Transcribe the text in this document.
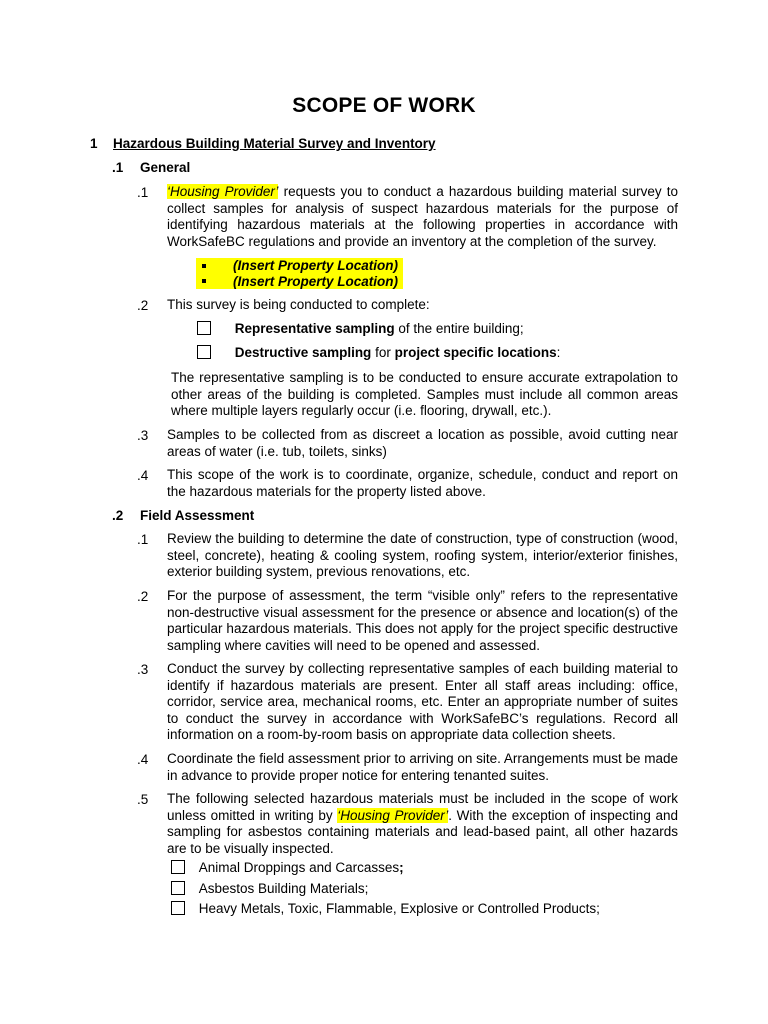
SCOPE OF WORK
1 Hazardous Building Material Survey and Inventory
.1 General
.1 ‘Housing Provider’ requests you to conduct a hazardous building material survey to collect samples for analysis of suspect hazardous materials for the purpose of identifying hazardous materials at the following properties in accordance with WorkSafeBC regulations and provide an inventory at the completion of the survey.
(Insert Property Location)
(Insert Property Location)
.2 This survey is being conducted to complete:
Representative sampling of the entire building;
Destructive sampling for project specific locations:
The representative sampling is to be conducted to ensure accurate extrapolation to other areas of the building is completed. Samples must include all common areas where multiple layers regularly occur (i.e. flooring, drywall, etc.).
.3 Samples to be collected from as discreet a location as possible, avoid cutting near areas of water (i.e. tub, toilets, sinks)
.4 This scope of the work is to coordinate, organize, schedule, conduct and report on the hazardous materials for the property listed above.
.2 Field Assessment
.1 Review the building to determine the date of construction, type of construction (wood, steel, concrete), heating & cooling system, roofing system, interior/exterior finishes, exterior building system, previous renovations, etc.
.2 For the purpose of assessment, the term “visible only” refers to the representative non-destructive visual assessment for the presence or absence and location(s) of the particular hazardous materials. This does not apply for the project specific destructive sampling where cavities will need to be opened and assessed.
.3 Conduct the survey by collecting representative samples of each building material to identify if hazardous materials are present. Enter all staff areas including: office, corridor, service area, mechanical rooms, etc. Enter an appropriate number of suites to conduct the survey in accordance with WorkSafeBC’s regulations. Record all information on a room-by-room basis on appropriate data collection sheets.
.4 Coordinate the field assessment prior to arriving on site. Arrangements must be made in advance to provide proper notice for entering tenanted suites.
.5 The following selected hazardous materials must be included in the scope of work unless omitted in writing by ‘Housing Provider’. With the exception of inspecting and sampling for asbestos containing materials and lead-based paint, all other hazards are to be visually inspected.
Animal Droppings and Carcasses;
Asbestos Building Materials;
Heavy Metals, Toxic, Flammable, Explosive or Controlled Products;
